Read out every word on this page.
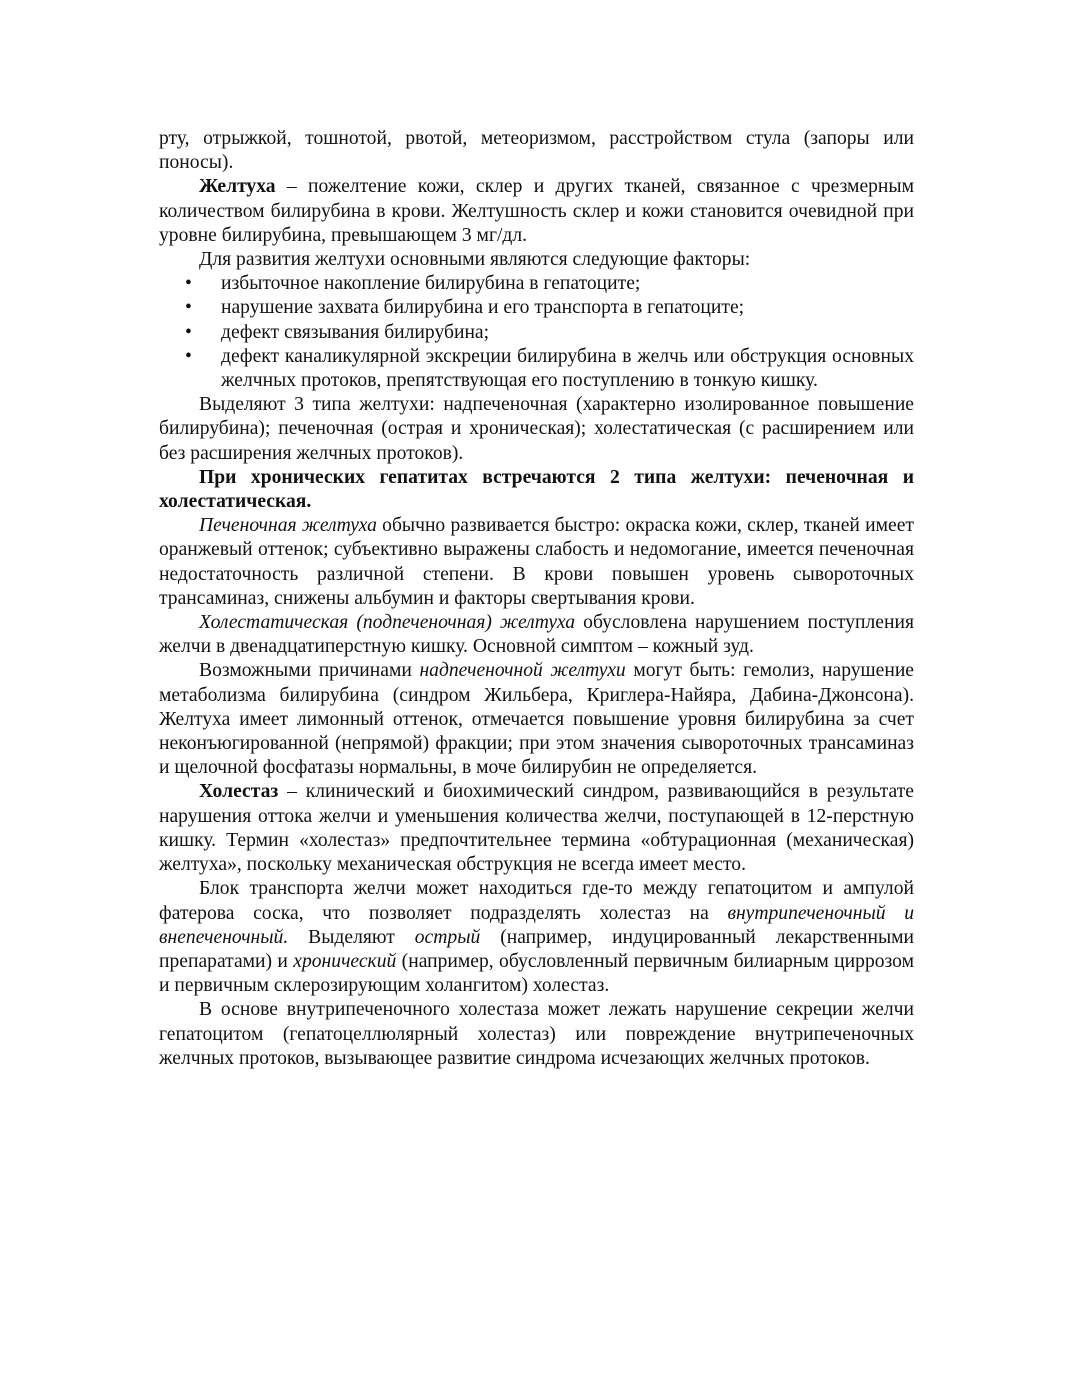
рту, отрыжкой, тошнотой, рвотой, метеоризмом, расстройством стула (запоры или поносы).

Желтуха – пожелтение кожи, склер и других тканей, связанное с чрезмерным количеством билирубина в крови. Желтушность склер и кожи становится очевидной при уровне билирубина, превышающем 3 мг/дл.

Для развития желтухи основными являются следующие факторы:

• избыточное накопление билирубина в гепатоците;
• нарушение захвата билирубина и его транспорта в гепатоците;
• дефект связывания билирубина;
• дефект каналикулярной экскреции билирубина в желчь или обструкция основных желчных протоков, препятствующая его поступлению в тонкую кишку.

Выделяют 3 типа желтухи: надпеченочная (характерно изолированное повышение билирубина); печеночная (острая и хроническая); холестатическая (с расширением или без расширения желчных протоков).

При хронических гепатитах встречаются 2 типа желтухи: печеночная и холестатическая.

Печеночная желтуха обычно развивается быстро: окраска кожи, склер, тканей имеет оранжевый оттенок; субъективно выражены слабость и недомогание, имеется печеночная недостаточность различной степени. В крови повышен уровень сывороточных трансаминаз, снижены альбумин и факторы свертывания крови.

Холестатическая (подпеченочная) желтуха обусловлена нарушением поступления желчи в двенадцатиперстную кишку. Основной симптом – кожный зуд.

Возможными причинами надпеченочной желтухи могут быть: гемолиз, нарушение метаболизма билирубина (синдром Жильбера, Криглера-Найяра, Дабина-Джонсона). Желтуха имеет лимонный оттенок, отмечается повышение уровня билирубина за счет неконъюгированной (непрямой) фракции; при этом значения сывороточных трансаминаз и щелочной фосфатазы нормальны, в моче билирубин не определяется.

Холестаз – клинический и биохимический синдром, развивающийся в результате нарушения оттока желчи и уменьшения количества желчи, поступающей в 12-перстную кишку. Термин «холестаз» предпочтительнее термина «обтурационная (механическая) желтуха», поскольку механическая обструкция не всегда имеет место.

Блок транспорта желчи может находиться где-то между гепатоцитом и ампулой фатерова соска, что позволяет подразделять холестаз на внутрипеченочный и внепеченочный. Выделяют острый (например, индуцированный лекарственными препаратами) и хронический (например, обусловленный первичным билиарным циррозом и первичным склерозирующим холангитом) холестаз.

В основе внутрипеченочного холестаза может лежать нарушение секреции желчи гепатоцитом (гепатоцеллюлярный холестаз) или повреждение внутрипеченочных желчных протоков, вызывающее развитие синдрома исчезающих желчных протоков.
